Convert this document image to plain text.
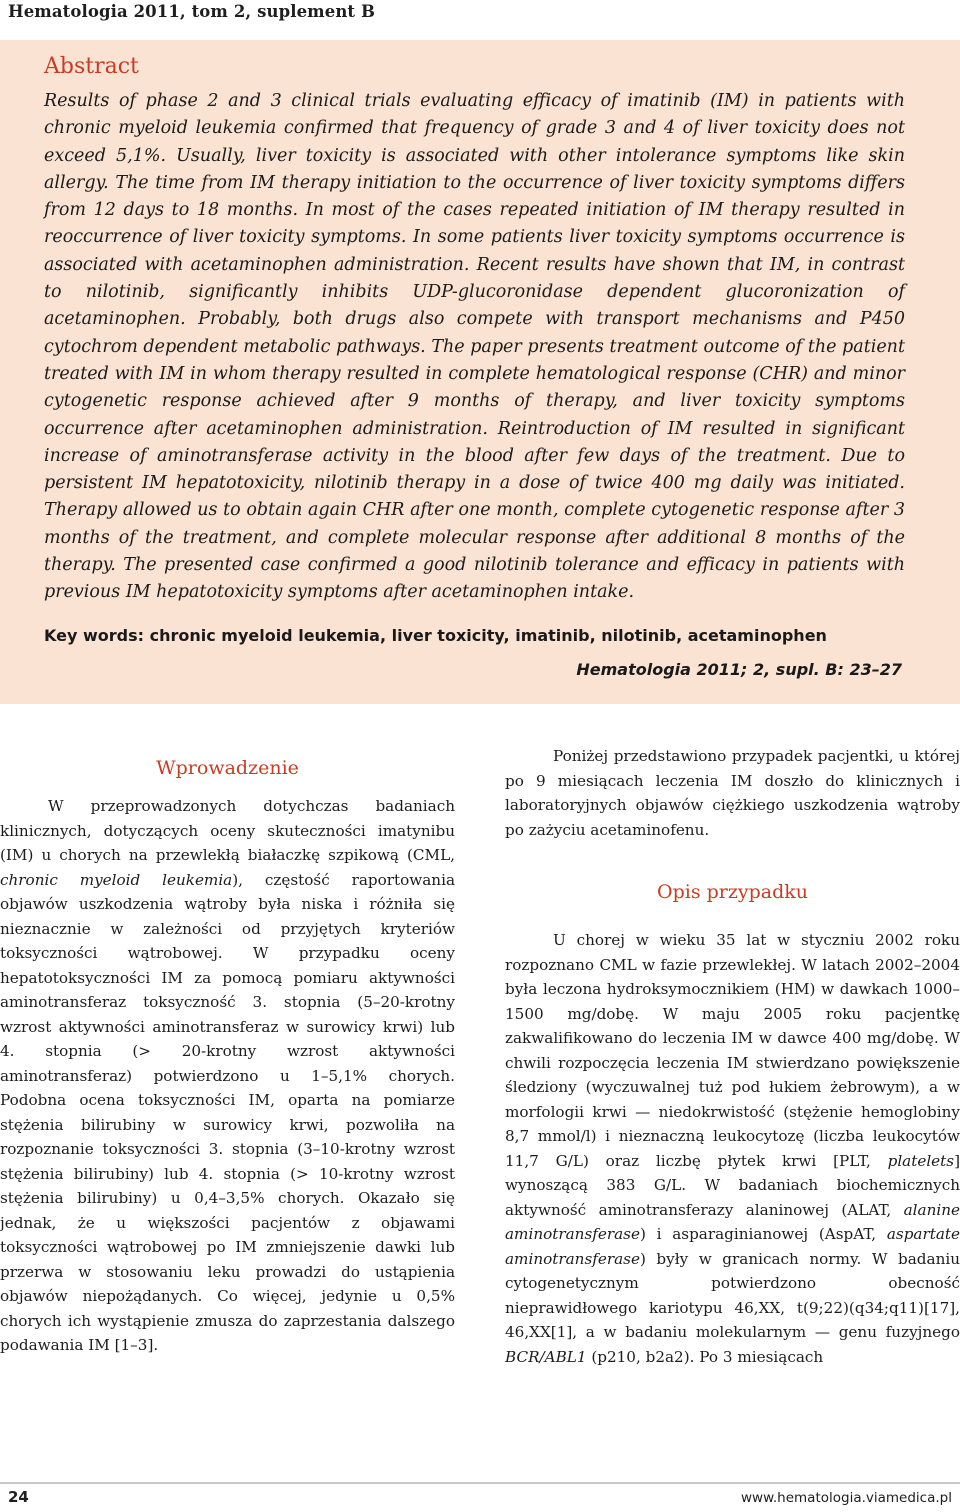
Hematologia 2011, tom 2, suplement B
Abstract

Results of phase 2 and 3 clinical trials evaluating efficacy of imatinib (IM) in patients with chronic myeloid leukemia confirmed that frequency of grade 3 and 4 of liver toxicity does not exceed 5,1%. Usually, liver toxicity is associated with other intolerance symptoms like skin allergy. The time from IM therapy initiation to the occurrence of liver toxicity symptoms differs from 12 days to 18 months. In most of the cases repeated initiation of IM therapy resulted in reoccurrence of liver toxicity symptoms. In some patients liver toxicity symptoms occurrence is associated with acetaminophen administration. Recent results have shown that IM, in contrast to nilotinib, significantly inhibits UDP-glucoronidase dependent glucoronization of acetaminophen. Probably, both drugs also compete with transport mechanisms and P450 cytochrom dependent metabolic pathways. The paper presents treatment outcome of the patient treated with IM in whom therapy resulted in complete hematological response (CHR) and minor cytogenetic response achieved after 9 months of therapy, and liver toxicity symptoms occurrence after acetaminophen administration. Reintroduction of IM resulted in significant increase of aminotransferase activity in the blood after few days of the treatment. Due to persistent IM hepatotoxicity, nilotinib therapy in a dose of twice 400 mg daily was initiated. Therapy allowed us to obtain again CHR after one month, complete cytogenetic response after 3 months of the treatment, and complete molecular response after additional 8 months of the therapy. The presented case confirmed a good nilotinib tolerance and efficacy in patients with previous IM hepatotoxicity symptoms after acetaminophen intake.

Key words: chronic myeloid leukemia, liver toxicity, imatinib, nilotinib, acetaminophen

Hematologia 2011; 2, supl. B: 23–27

Wprowadzenie

W przeprowadzonych dotychczas badaniach klinicznych, dotyczących oceny skuteczności imatynibu (IM) u chorych na przewlekłą białaczkę szpikową (CML, chronic myeloid leukemia), częstość raportowania objawów uszkodzenia wątroby była niska i różniła się nieznacznie w zależności od przyjętych kryteriów toksyczności wątrobowej. W przypadku oceny hepatotoksyczności IM za pomocą pomiaru aktywności aminotransferaz toksyczność 3. stopnia (5–20-krotny wzrost aktywności aminotransferaz w surowicy krwi) lub 4. stopnia (> 20-krotny wzrost aktywności aminotransferaz) potwierdzono u 1–5,1% chorych. Podobna ocena toksyczności IM, oparta na pomiarze stężenia bilirubiny w surowicy krwi, pozwoliła na rozpoznanie toksyczności 3. stopnia (3–10-krotny wzrost stężenia bilirubiny) lub 4. stopnia (> 10-krotny wzrost stężenia bilirubiny) u 0,4–3,5% chorych. Okazało się jednak, że u większości pacjentów z objawami toksyczności wątrobowej po IM zmniejszenie dawki lub przerwa w stosowaniu leku prowadzi do ustąpienia objawów niepożądanych. Co więcej, jedynie u 0,5% chorych ich wystąpienie zmusza do zaprzestania dalszego podawania IM [1–3].

Poniżej przedstawiono przypadek pacjentki, u której po 9 miesiącach leczenia IM doszło do klinicznych i laboratoryjnych objawów ciężkiego uszkodzenia wątroby po zażyciu acetaminofenu.

Opis przypadku

U chorej w wieku 35 lat w styczniu 2002 roku rozpoznano CML w fazie przewlekłej. W latach 2002–2004 była leczona hydroksymocznikiem (HM) w dawkach 1000–1500 mg/dobę. W maju 2005 roku pacjentkę zakwalifikowano do leczenia IM w dawce 400 mg/dobę. W chwili rozpoczęcia leczenia IM stwierdzano powiększenie śledziony (wyczuwalnej tuż pod łukiem żebrowym), a w morfologii krwi — niedokrwistość (stężenie hemoglobiny 8,7 mmol/l) i nieznaczną leukocytozę (liczba leukocytów 11,7 G/L) oraz liczbę płytek krwi [PLT, platelets] wynoszącą 383 G/L. W badaniach biochemicznych aktywność aminotransferazy alaninowej (ALAT, alanine aminotransferase) i asparaginianowej (AspAT, aspartate aminotransferase) były w granicach normy. W badaniu cytogenetycznym potwierdzono obecność nieprawidłowego kariotypu 46,XX, t(9;22)(q34;q11)[17], 46,XX[1], a w badaniu molekularnym — genu fuzyjnego BCR/ABL1 (p210, b2a2). Po 3 miesiącach

24	www.hematologia.viamedica.pl
